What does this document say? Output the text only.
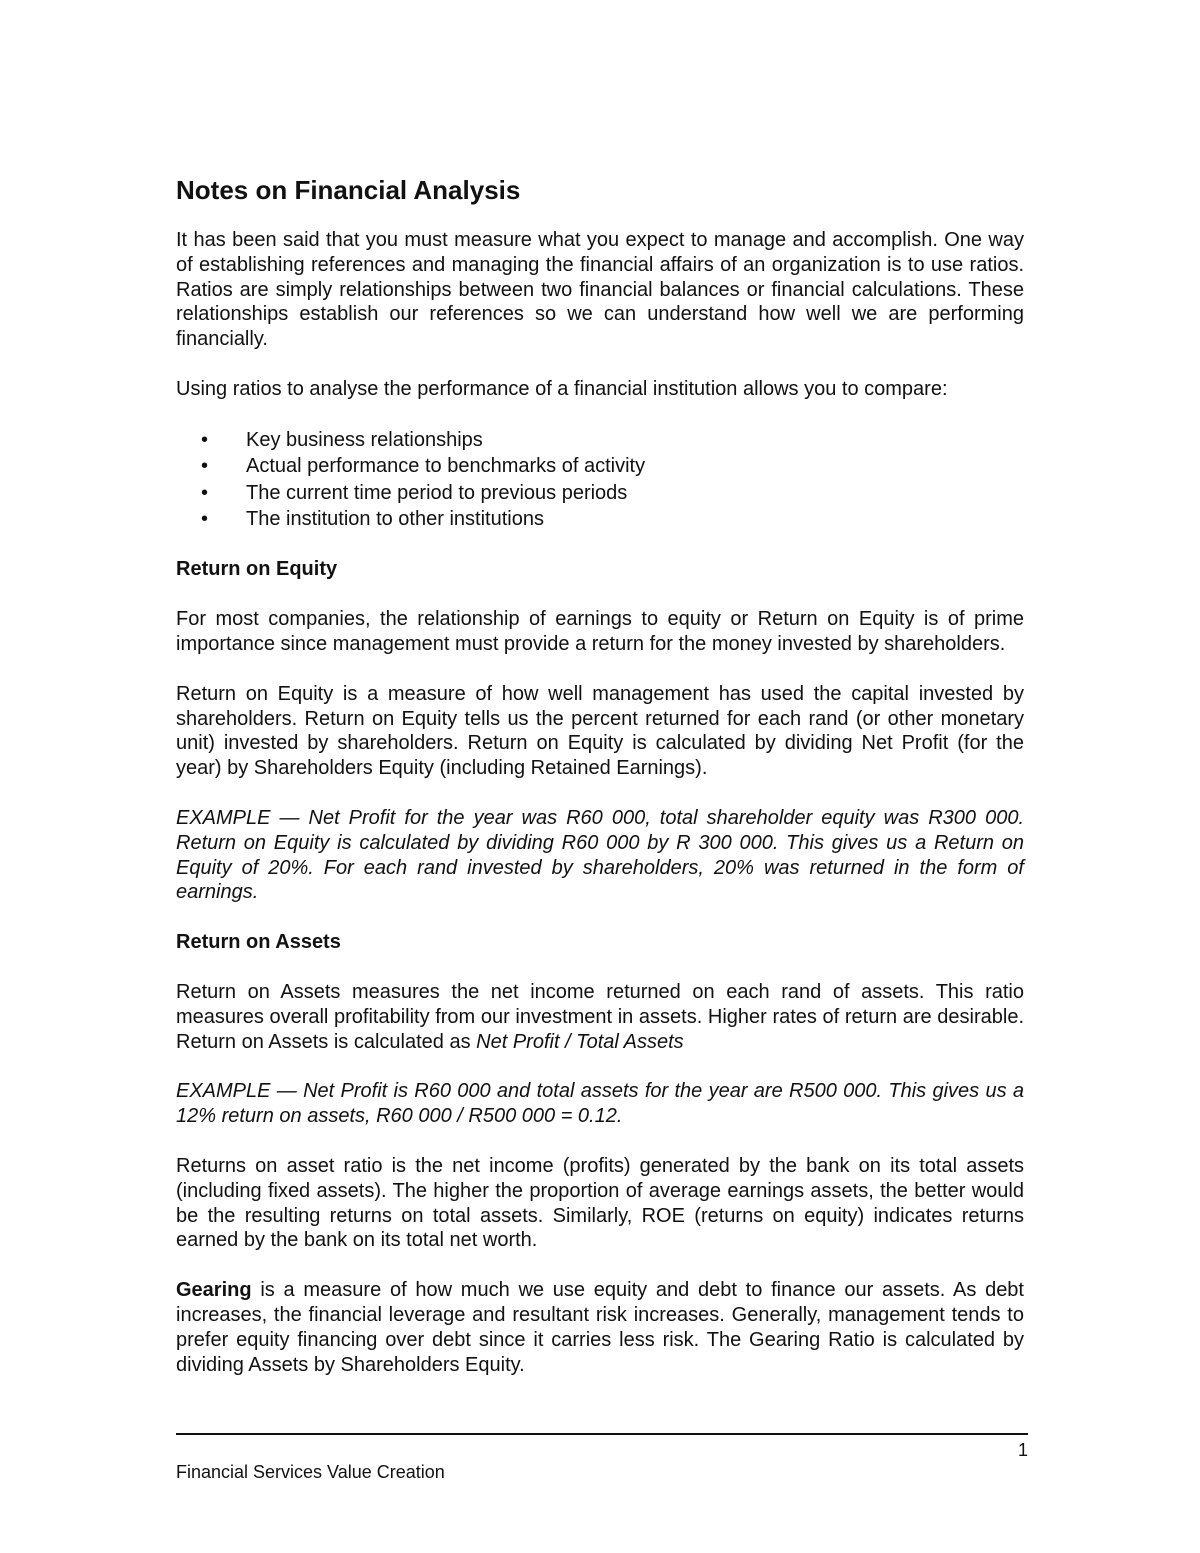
Notes on Financial Analysis

It has been said that you must measure what you expect to manage and accomplish. One way of establishing references and managing the financial affairs of an organization is to use ratios. Ratios are simply relationships between two financial balances or financial calculations. These relationships establish our references so we can understand how well we are performing financially.

Using ratios to analyse the performance of a financial institution allows you to compare:

• Key business relationships
• Actual performance to benchmarks of activity
• The current time period to previous periods
• The institution to other institutions
Return on Equity

For most companies, the relationship of earnings to equity or Return on Equity is of prime importance since management must provide a return for the money invested by shareholders.

Return on Equity is a measure of how well management has used the capital invested by shareholders. Return on Equity tells us the percent returned for each rand (or other monetary unit) invested by shareholders. Return on Equity is calculated by dividing Net Profit (for the year) by Shareholders Equity (including Retained Earnings).

EXAMPLE — Net Profit for the year was R60 000, total shareholder equity was R300 000. Return on Equity is calculated by dividing R60 000 by R 300 000. This gives us a Return on Equity of 20%. For each rand invested by shareholders, 20% was returned in the form of earnings.

Return on Assets

Return on Assets measures the net income returned on each rand of assets. This ratio measures overall profitability from our investment in assets. Higher rates of return are desirable. Return on Assets is calculated as Net Profit / Total Assets

EXAMPLE — Net Profit is R60 000 and total assets for the year are R500 000. This gives us a 12% return on assets, R60 000 / R500 000 = 0.12.

Returns on asset ratio is the net income (profits) generated by the bank on its total assets (including fixed assets). The higher the proportion of average earnings assets, the better would be the resulting returns on total assets. Similarly, ROE (returns on equity) indicates returns earned by the bank on its total net worth.

Gearing is a measure of how much we use equity and debt to finance our assets. As debt increases, the financial leverage and resultant risk increases. Generally, management tends to prefer equity financing over debt since it carries less risk. The Gearing Ratio is calculated by dividing Assets by Shareholders Equity.

1
Financial Services Value Creation
